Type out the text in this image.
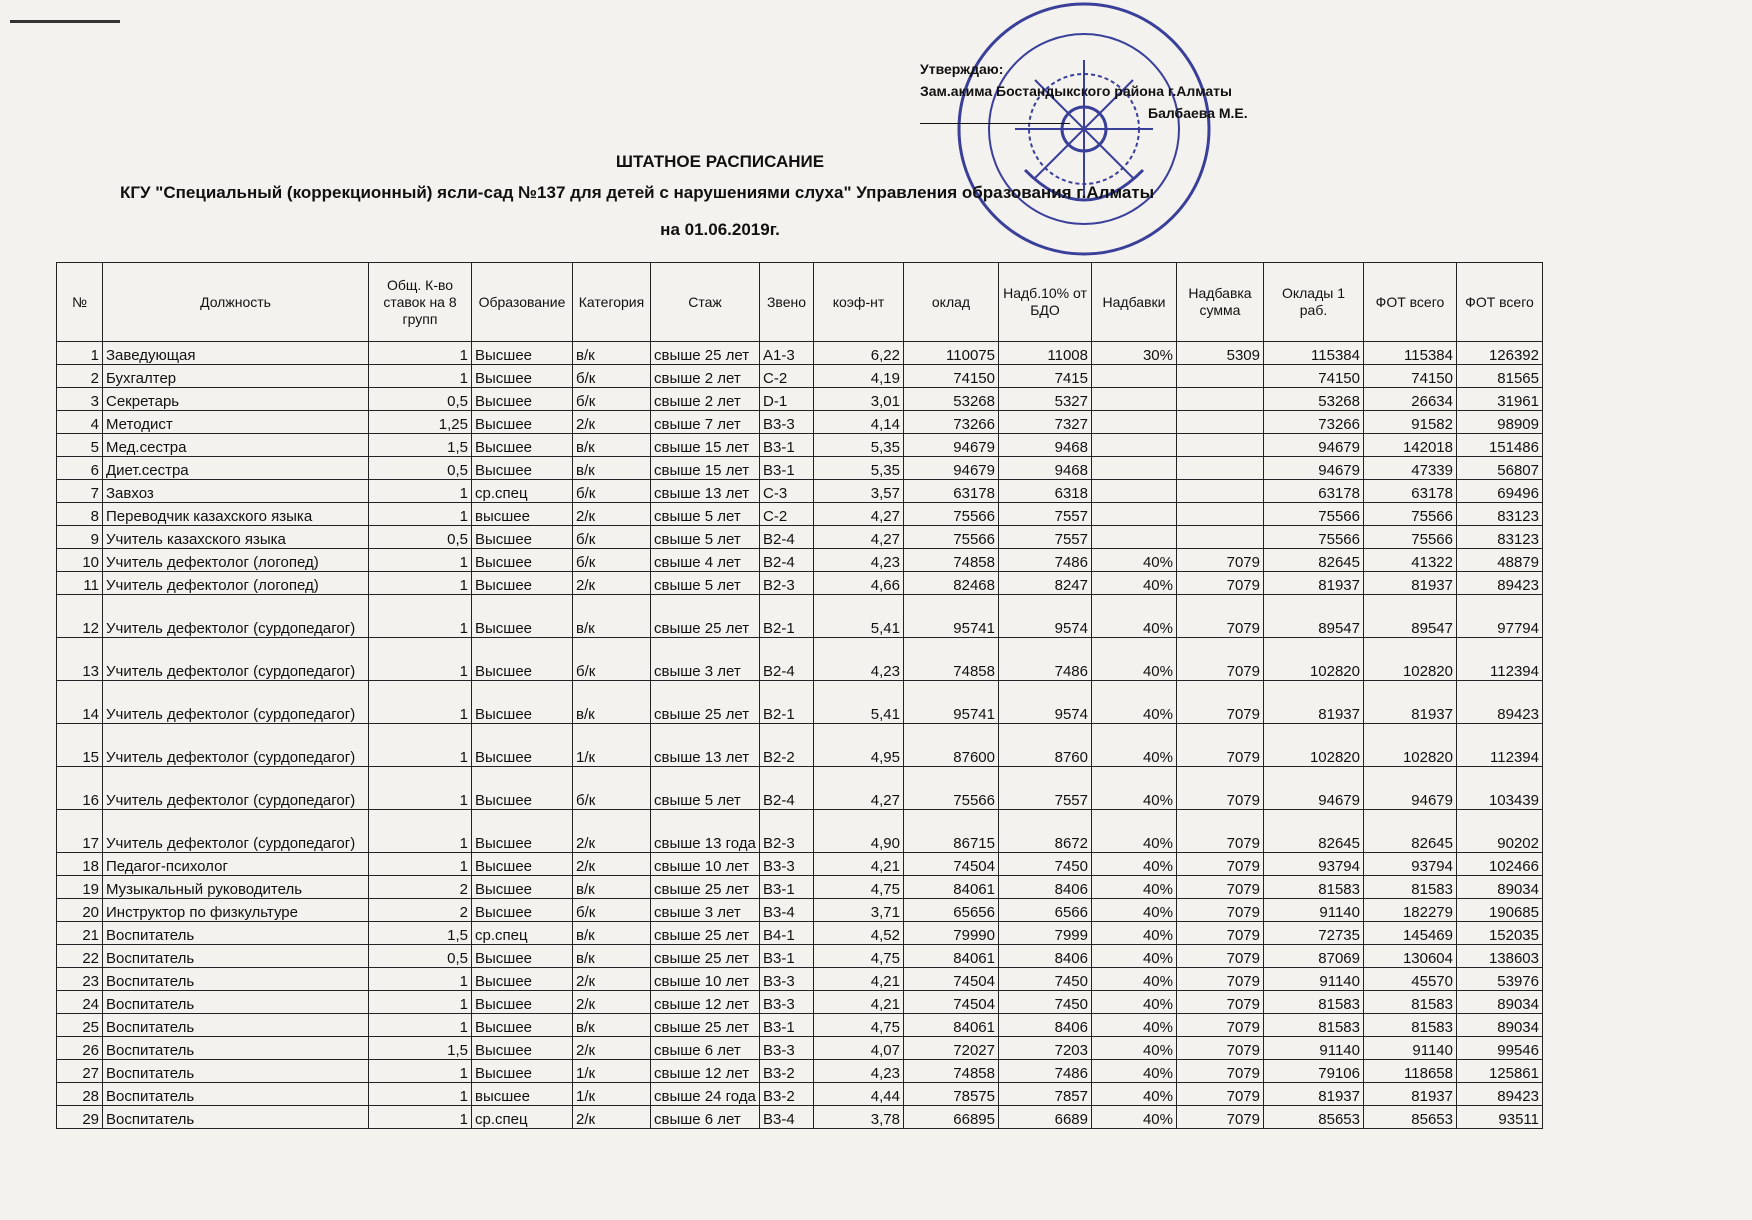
Утверждаю:
Зам.акима Бостандыкского района г.Алматы
Балбаева М.Е.
ШТАТНОЕ РАСПИСАНИЕ
КГУ "Специальный (коррекционный) ясли-сад №137 для детей с нарушениями слуха" Управления образования г.Алматы
на 01.06.2019г.
№	Должность	Общ. К-во ставок на 8 групп	Образование	Категория	Стаж	Звено	коэф-нт	оклад	Надб.10% от БДО	Надбавки	Надбавка сумма	Оклады 1 раб.	ФОТ всего	ФОТ всего
1	Заведующая	1	Высшее	в/к	свыше 25 лет	A1-3	6,22	110075	11008	30%	5309	115384	115384	126392
2	Бухгалтер	1	Высшее	б/к	свыше 2 лет	С-2	4,19	74150	7415			74150	74150	81565
3	Секретарь	0,5	Высшее	б/к	свыше 2 лет	D-1	3,01	53268	5327			53268	26634	31961
4	Методист	1,25	Высшее	2/к	свыше 7 лет	В3-3	4,14	73266	7327			73266	91582	98909
5	Мед.сестра	1,5	Высшее	в/к	свыше 15 лет	В3-1	5,35	94679	9468			94679	142018	151486
6	Диет.сестра	0,5	Высшее	в/к	свыше 15 лет	В3-1	5,35	94679	9468			94679	47339	56807
7	Завхоз	1	ср.спец	б/к	свыше 13 лет	С-3	3,57	63178	6318			63178	63178	69496
8	Переводчик казахского языка	1	высшее	2/к	свыше 5 лет	С-2	4,27	75566	7557			75566	75566	83123
9	Учитель казахского языка	0,5	Высшее	б/к	свыше 5 лет	В2-4	4,27	75566	7557			75566	75566	83123
10	Учитель дефектолог (логопед)	1	Высшее	б/к	свыше 4 лет	В2-4	4,23	74858	7486	40%	7079	82645	41322	48879
11	Учитель дефектолог (логопед)	1	Высшее	2/к	свыше 5 лет	В2-3	4,66	82468	8247	40%	7079	81937	81937	89423
12	Учитель дефектолог (сурдопедагог)	1	Высшее	в/к	свыше 25 лет	В2-1	5,41	95741	9574	40%	7079	89547	89547	97794
13	Учитель дефектолог (сурдопедагог)	1	Высшее	б/к	свыше 3 лет	В2-4	4,23	74858	7486	40%	7079	102820	102820	112394
14	Учитель дефектолог (сурдопедагог)	1	Высшее	в/к	свыше 25 лет	В2-1	5,41	95741	9574	40%	7079	81937	81937	89423
15	Учитель дефектолог (сурдопедагог)	1	Высшее	1/к	свыше 13 лет	В2-2	4,95	87600	8760	40%	7079	102820	102820	112394
16	Учитель дефектолог (сурдопедагог)	1	Высшее	б/к	свыше 5 лет	В2-4	4,27	75566	7557	40%	7079	94679	94679	103439
17	Учитель дефектолог (сурдопедагог)	1	Высшее	2/к	свыше 13 года	В2-3	4,90	86715	8672	40%	7079	82645	82645	90202
18	Педагог-психолог	1	Высшее	2/к	свыше 10 лет	В3-3	4,21	74504	7450	40%	7079	93794	93794	102466
19	Музыкальный руководитель	2	Высшее	в/к	свыше 25 лет	В3-1	4,75	84061	8406	40%	7079	81583	81583	89034
20	Инструктор по физкультуре	2	Высшее	б/к	свыше 3 лет	В3-4	3,71	65656	6566	40%	7079	91140	182279	190685
21	Воспитатель	1,5	ср.спец	в/к	свыше 25 лет	В4-1	4,52	79990	7999	40%	7079	72735	145469	152035
22	Воспитатель	0,5	Высшее	в/к	свыше 25 лет	В3-1	4,75	84061	8406	40%	7079	87069	130604	138603
23	Воспитатель	1	Высшее	2/к	свыше 10 лет	В3-3	4,21	74504	7450	40%	7079	91140	45570	53976
24	Воспитатель	1	Высшее	2/к	свыше 12 лет	В3-3	4,21	74504	7450	40%	7079	81583	81583	89034
25	Воспитатель	1	Высшее	в/к	свыше 25 лет	В3-1	4,75	84061	8406	40%	7079	81583	81583	89034
26	Воспитатель	1,5	Высшее	2/к	свыше 6 лет	В3-3	4,07	72027	7203	40%	7079	91140	91140	99546
27	Воспитатель	1	Высшее	1/к	свыше 12 лет	В3-2	4,23	74858	7486	40%	7079	79106	118658	125861
28	Воспитатель	1	высшее	1/к	свыше 24 года	В3-2	4,44	78575	7857	40%	7079	81937	81937	89423
29	Воспитатель	1	ср.спец	2/к	свыше 6 лет	В3-4	3,78	66895	6689	40%	7079	85653	85653	93511
